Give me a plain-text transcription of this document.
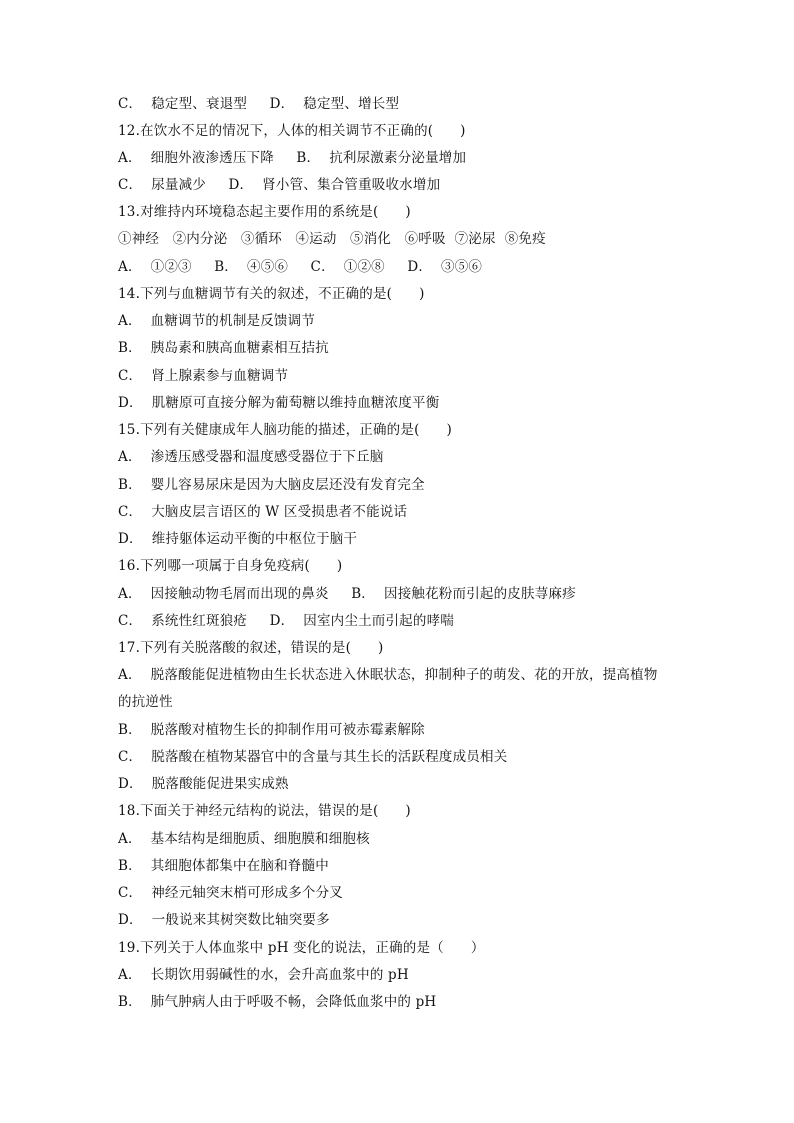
C．  稳定型、衰退型     D．  稳定型、增长型
12.在饮水不足的情况下，人体的相关调节不正确的(      )
A．  细胞外液渗透压下降     B．  抗利尿激素分泌量增加
C．  尿量减少     D．  肾小管、集合管重吸收水增加
13.对维持内环境稳态起主要作用的系统是(      )
①神经   ②内分泌   ③循环   ④运动   ⑤消化   ⑥呼吸  ⑦泌尿  ⑧免疫
A．  ①②③     B．  ④⑤⑥     C．  ①②⑧     D．  ③⑤⑥
14.下列与血糖调节有关的叙述，不正确的是(      )
A．  血糖调节的机制是反馈调节
B．  胰岛素和胰高血糖素相互拮抗
C．  肾上腺素参与血糖调节
D．  肌糖原可直接分解为葡萄糖以维持血糖浓度平衡
15.下列有关健康成年人脑功能的描述，正确的是(      )
A．  渗透压感受器和温度感受器位于下丘脑
B．  婴儿容易尿床是因为大脑皮层还没有发育完全
C．  大脑皮层言语区的 W 区受损患者不能说话
D．  维持躯体运动平衡的中枢位于脑干
16.下列哪一项属于自身免疫病(      )
A．  因接触动物毛屑而出现的鼻炎     B．  因接触花粉而引起的皮肤荨麻疹
C．  系统性红斑狼疮     D．  因室内尘土而引起的哮喘
17.下列有关脱落酸的叙述，错误的是(      )
A．  脱落酸能促进植物由生长状态进入休眠状态，抑制种子的萌发、花的开放，提高植物
的抗逆性
B．  脱落酸对植物生长的抑制作用可被赤霉素解除
C．  脱落酸在植物某器官中的含量与其生长的活跃程度成员相关
D．  脱落酸能促进果实成熟
18.下面关于神经元结构的说法，错误的是(      )
A．  基本结构是细胞质、细胞膜和细胞核
B．  其细胞体都集中在脑和脊髓中
C．  神经元轴突末梢可形成多个分叉
D．  一般说来其树突数比轴突要多
19.下列关于人体血浆中 pH 变化的说法，正确的是（      ）
A．  长期饮用弱碱性的水，会升高血浆中的 pH
B．  肺气肿病人由于呼吸不畅，会降低血浆中的 pH
